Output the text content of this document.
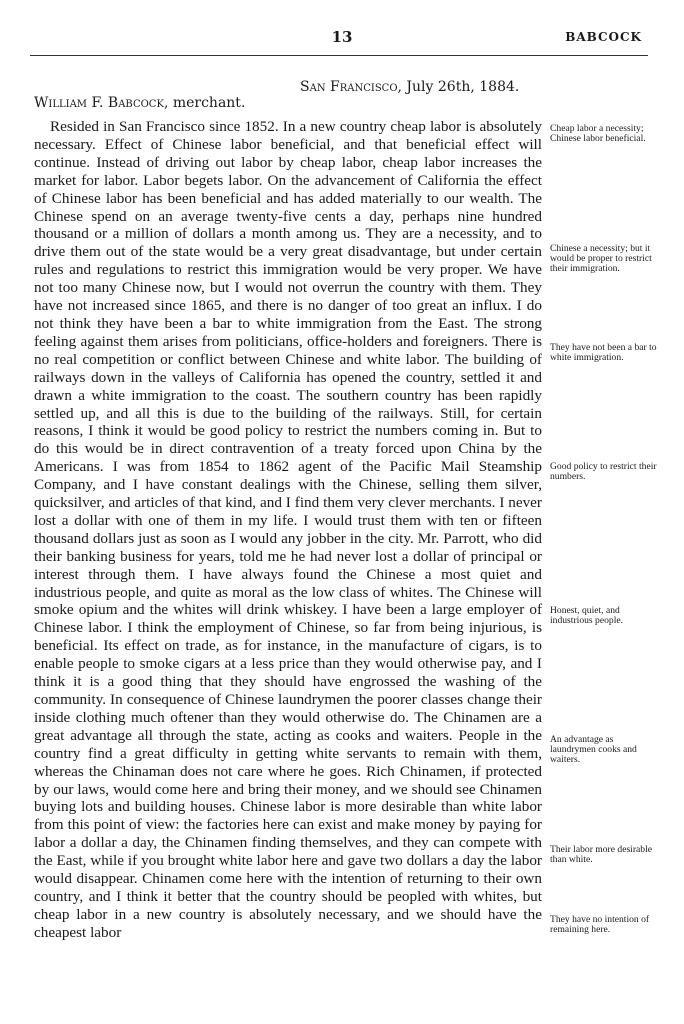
13	BABCOCK
San Francisco, July 26th, 1884.
William F. Babcock, merchant.

Resided in San Francisco since 1852. In a new country cheap labor is absolutely necessary. Effect of Chinese labor beneficial, and that beneficial effect will continue. Instead of driving out labor by cheap labor, cheap labor increases the market for labor. Labor begets labor. On the advancement of California the effect of Chinese labor has been beneficial and has added materially to our wealth. The Chinese spend on an average twenty-five cents a day, perhaps nine hundred thousand or a million of dollars a month among us. They are a necessity, and to drive them out of the state would be a very great disadvantage, but under certain rules and regulations to restrict this immigration would be very proper. We have not too many Chinese now, but I would not overrun the country with them. They have not increased since 1865, and there is no danger of too great an influx. I do not think they have been a bar to white immigration from the East. The strong feeling against them arises from politicians, office-holders and foreigners. There is no real competition or conflict between Chinese and white labor. The building of railways down in the valleys of California has opened the country, settled it and drawn a white immigration to the coast. The southern country has been rapidly settled up, and all this is due to the building of the railways. Still, for certain reasons, I think it would be good policy to restrict the numbers coming in. But to do this would be in direct contravention of a treaty forced upon China by the Americans. I was from 1854 to 1862 agent of the Pacific Mail Steamship Company, and I have constant dealings with the Chinese, selling them silver, quicksilver, and articles of that kind, and I find them very clever merchants. I never lost a dollar with one of them in my life. I would trust them with ten or fifteen thousand dollars just as soon as I would any jobber in the city. Mr. Parrott, who did their banking business for years, told me he had never lost a dollar of principal or interest through them. I have always found the Chinese a most quiet and industrious people, and quite as moral as the low class of whites. The Chinese will smoke opium and the whites will drink whiskey. I have been a large employer of Chinese labor. I think the employment of Chinese, so far from being injurious, is beneficial. Its effect on trade, as for instance, in the manufacture of cigars, is to enable people to smoke cigars at a less price than they would otherwise pay, and I think it is a good thing that they should have engrossed the washing of the community. In consequence of Chinese laundrymen the poorer classes change their inside clothing much oftener than they would otherwise do. The Chinamen are a great advantage all through the state, acting as cooks and waiters. People in the country find a great difficulty in getting white servants to remain with them, whereas the Chinaman does not care where he goes. Rich Chinamen, if protected by our laws, would come here and bring their money, and we should see Chinamen buying lots and building houses. Chinese labor is more desirable than white labor from this point of view: the factories here can exist and make money by paying for labor a dollar a day, the Chinamen finding themselves, and they can compete with the East, while if you brought white labor here and gave two dollars a day the labor would disappear. Chinamen come here with the intention of returning to their own country, and I think it better that the country should be peopled with whites, but cheap labor in a new country is absolutely necessary, and we should have the cheapest labor

Cheap labor a necessity; Chinese labor beneficial.
Chinese a necessity; but it would be proper to restrict their immigration.
They have not been a bar to white immigration.
Good policy to restrict their numbers.
Honest, quiet, and industrious people.
An advantage as laundrymen cooks and waiters.
Their labor more desirable than white.
They have no intention of remaining here.
